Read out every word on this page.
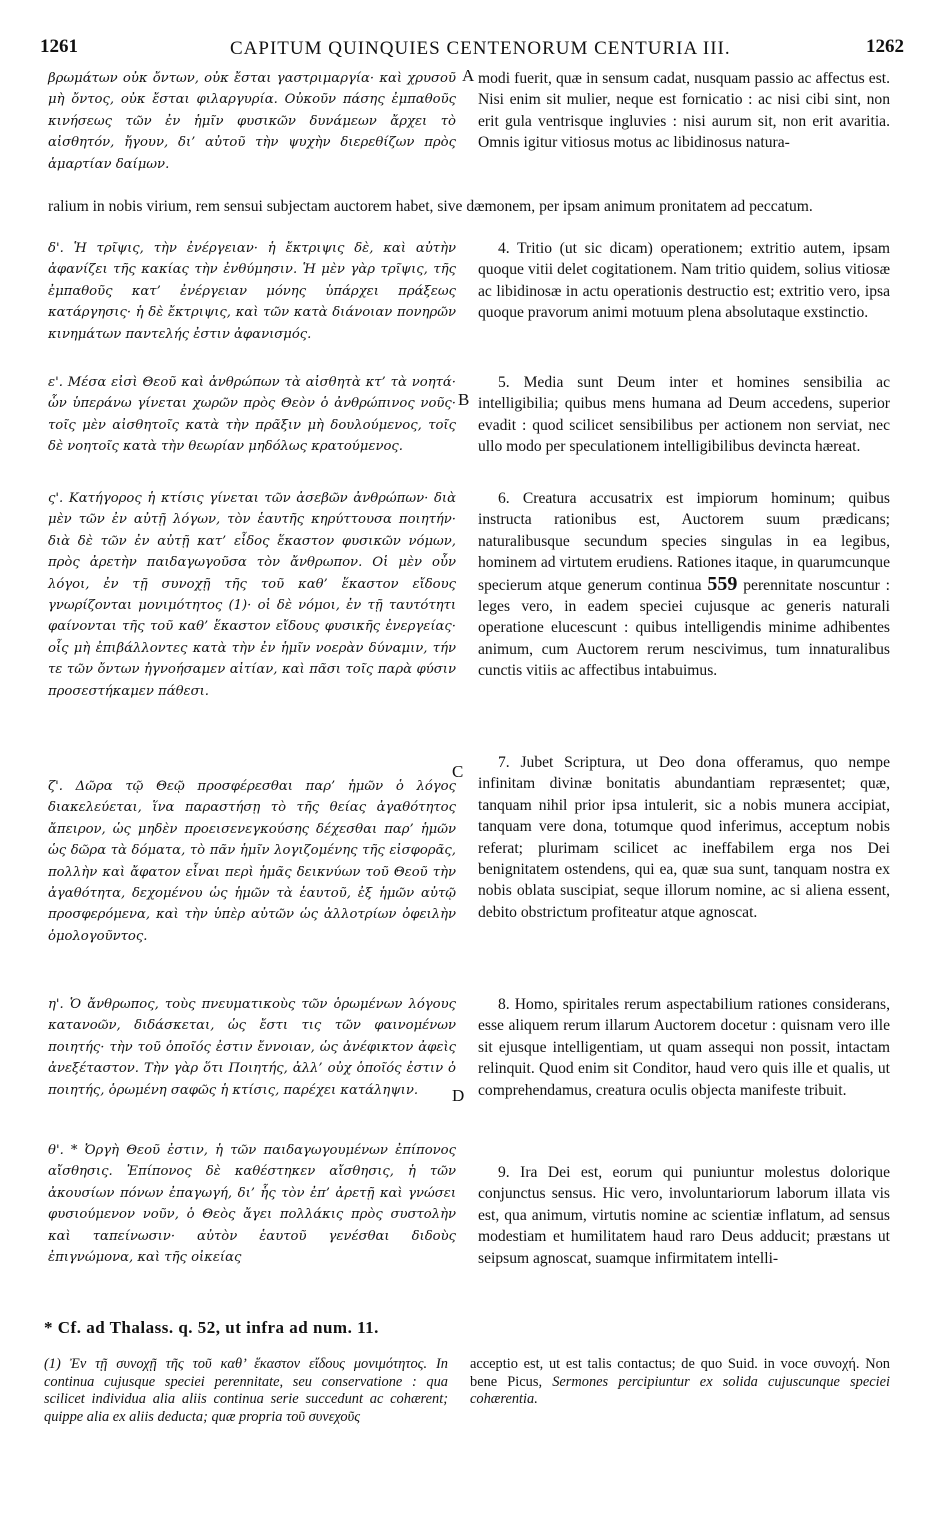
1261	CAPITUM QUINQUIES CENTENORUM CENTURIA III.	1262

βρωμάτων οὐκ ὄντων, οὐκ ἔσται γαστριμαργία· καὶ χρυσοῦ μὴ ὄντος, οὐκ ἔσται φιλαργυρία. Οὐκοῦν πάσης ἐμπαθοῦς κινήσεως τῶν ἐν ἡμῖν φυσικῶν δυνάμεων ἄρχει τὸ αἰσθητόν, ἤγουν, δι’ αὐτοῦ τὴν ψυχὴν διερεθίζων πρὸς ἁμαρτίαν δαίμων.

ralium in nobis virium, rem sensui subjectam auctorem habet, sive dæmonem, per ipsam animum pronitatem ad peccatum.

δ'. Ἡ τρῖψις, τὴν ἐνέργειαν· ἡ ἔκτριψις δὲ, καὶ αὐτὴν ἀφανίζει τῆς κακίας τὴν ἐνθύμησιν. Ἡ μὲν γὰρ τρῖψις, τῆς ἐμπαθοῦς κατ’ ἐνέργειαν μόνης ὑπάρχει πράξεως κατάργησις· ἡ δὲ ἔκτριψις, καὶ τῶν κατὰ διάνοιαν πονηρῶν κινημάτων παντελής ἐστιν ἀφανισμός.

ε'. Μέσα εἰσὶ Θεοῦ καὶ ἀνθρώπων τὰ αἰσθητὰ κτ’ τὰ νοητά· ὧν ὑπεράνω γίνεται χωρῶν πρὸς Θεὸν ὁ ἀνθρώπινος νοῦς· τοῖς μὲν αἰσθητοῖς κατὰ τὴν πρᾶξιν μὴ δουλούμενος, τοῖς δὲ νοητοῖς κατὰ τὴν θεωρίαν μηδόλως κρατούμενος.

ς'. Κατήγορος ἡ κτίσις γίνεται τῶν ἀσεβῶν ἀνθρώπων· διὰ μὲν τῶν ἐν αὐτῇ λόγων, τὸν ἑαυτῆς κηρύττουσα ποιητήν· διὰ δὲ τῶν ἐν αὐτῇ κατ’ εἶδος ἕκαστον φυσικῶν νόμων, πρὸς ἀρετὴν παιδαγωγοῦσα τὸν ἄνθρωπον. Οἱ μὲν οὖν λόγοι, ἐν τῇ συνοχῇ τῆς τοῦ καθ’ ἕκαστον εἴδους γνωρίζονται μονιμότητος (1)· οἱ δὲ νόμοι, ἐν τῇ ταυτότητι φαίνονται τῆς τοῦ καθ’ ἕκαστον εἴδους φυσικῆς ἐνεργείας· οἷς μὴ ἐπιβάλλοντες κατὰ τὴν ἐν ἡμῖν νοερὰν δύναμιν, τήν τε τῶν ὄντων ἠγνοήσαμεν αἰτίαν, καὶ πᾶσι τοῖς παρὰ φύσιν προσεστήκαμεν πάθεσι.

ζ'. Δῶρα τῷ Θεῷ προσφέρεσθαι παρ’ ἡμῶν ὁ λόγος διακελεύεται, ἵνα παραστήσῃ τὸ τῆς θείας ἀγαθότητος ἄπειρον, ὡς μηδὲν προεισενεγκούσης δέχεσθαι παρ’ ἡμῶν ὡς δῶρα τὰ δόματα, τὸ πᾶν ἡμῖν λογιζομένης τῆς εἰσφορᾶς, πολλὴν καὶ ἄφατον εἶναι περὶ ἡμᾶς δεικνύων τοῦ Θεοῦ τὴν ἀγαθότητα, δεχομένου ὡς ἡμῶν τὰ ἑαυτοῦ, ἐξ ἡμῶν αὐτῷ προσφερόμενα, καὶ τὴν ὑπὲρ αὐτῶν ὡς ἀλλοτρίων ὀφειλὴν ὁμολογοῦντος.

η'. Ὁ ἄνθρωπος, τοὺς πνευματικοὺς τῶν ὁρωμένων λόγους κατανοῶν, διδάσκεται, ὡς ἔστι τις τῶν φαινομένων ποιητής· τὴν τοῦ ὁποῖός ἐστιν ἔννοιαν, ὡς ἀνέφικτον ἀφεὶς ἀνεξέταστον. Τὴν γὰρ ὅτι Ποιητής, ἀλλ’ οὐχ ὁποῖός ἐστιν ὁ ποιητής, ὁρωμένη σαφῶς ἡ κτίσις, παρέχει κατάληψιν.

θ'. * Ὀργὴ Θεοῦ ἐστιν, ἡ τῶν παιδαγωγουμένων ἐπίπονος αἴσθησις. Ἐπίπονος δὲ καθέστηκεν αἴσθησις, ἡ τῶν ἀκουσίων πόνων ἐπαγωγή, δι’ ἧς τὸν ἐπ’ ἀρετῇ καὶ γνώσει φυσιούμενον νοῦν, ὁ Θεὸς ἄγει πολλάκις πρὸς συστολὴν καὶ ταπείνωσιν· αὐτὸν ἑαυτοῦ γενέσθαι διδοὺς ἐπιγνώμονα, καὶ τῆς οἰκείας

A
B
C
D

modi fuerit, quæ in sensum cadat, nusquam passio ac affectus est. Nisi enim sit mulier, neque est fornicatio : ac nisi cibi sint, non erit gula ventrisque ingluvies : nisi aurum sit, non erit avaritia. Omnis igitur vitiosus motus ac libidinosus natura-

4. Tritio (ut sic dicam) operationem; extritio autem, ipsam quoque vitii delet cogitationem. Nam tritio quidem, solius vitiosæ ac libidinosæ in actu operationis destructio est; extritio vero, ipsa quoque pravorum animi motuum plena absolutaque exstinctio.

5. Media sunt Deum inter et homines sensibilia ac intelligibilia; quibus mens humana ad Deum accedens, superior evadit : quod scilicet sensibilibus per actionem non serviat, nec ullo modo per speculationem intelligibilibus devincta hæreat.

6. Creatura accusatrix est impiorum hominum; quibus instructa rationibus est, Auctorem suum prædicans; naturalibusque secundum species singulas in ea legibus, hominem ad virtutem erudiens. Rationes itaque, in quarumcunque specierum atque generum continua 559 perennitate noscuntur : leges vero, in eadem speciei cujusque ac generis naturali operatione elucescunt : quibus intelligendis minime adhibentes animum, cum Auctorem rerum nescivimus, tum innaturalibus cunctis vitiis ac affectibus intabuimus.

7. Jubet Scriptura, ut Deo dona offeramus, quo nempe infinitam divinæ bonitatis abundantiam repræsentet; quæ, tanquam nihil prior ipsa intulerit, sic a nobis munera accipiat, tanquam vere dona, totumque quod inferimus, acceptum nobis referat; plurimam scilicet ac ineffabilem erga nos Dei benignitatem ostendens, qui ea, quæ sua sunt, tanquam nostra ex nobis oblata suscipiat, seque illorum nomine, ac si aliena essent, debito obstrictum profiteatur atque agnoscat.

8. Homo, spiritales rerum aspectabilium rationes considerans, esse aliquem rerum illarum Auctorem docetur : quisnam vero ille sit ejusque intelligentiam, ut quam assequi non possit, intactam relinquit. Quod enim sit Conditor, haud vero quis ille et qualis, ut comprehendamus, creatura oculis objecta manifeste tribuit.

9. Ira Dei est, eorum qui puniuntur molestus dolorique conjunctus sensus. Hic vero, involuntariorum laborum illata vis est, qua animum, virtutis nomine ac scientiæ inflatum, ad sensus modestiam et humilitatem haud raro Deus adducit; præstans ut seipsum agnoscat, suamque infirmitatem intelli-

* Cf. ad Thalass. q. 52, ut infra ad num. 11.
(1) Ἐν τῇ συνοχῇ τῆς τοῦ καθ’ ἕκαστον εἴδους μονιμότητος. In continua cujusque speciei perennitate, seu conservatione : qua scilicet individua alia aliis continua serie succedunt ac cohærent; quippe alia ex aliis deducta; quæ propria τοῦ συνεχοῦς
acceptio est, ut est talis contactus; de quo Suid. in voce συνοχή. Non bene Picus, Sermones percipiuntur ex solida cujuscunque speciei cohærentia.
